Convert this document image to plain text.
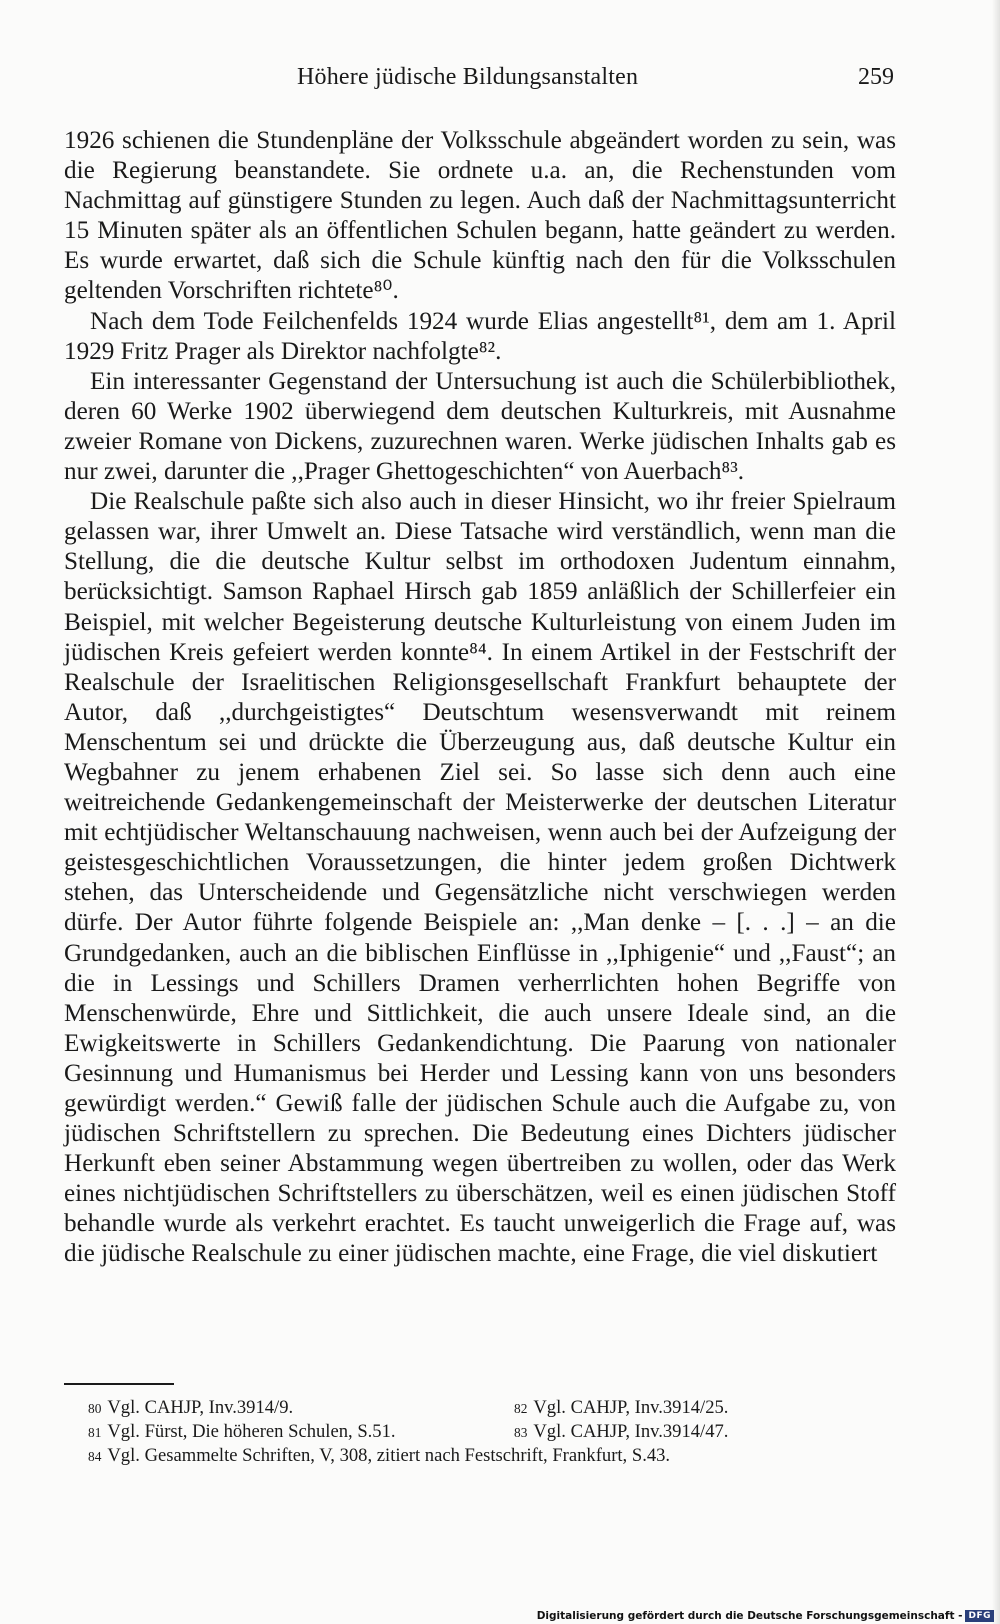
Höhere jüdische Bildungsanstalten	259

1926 schienen die Stundenpläne der Volksschule abgeändert worden zu sein, was die Regierung beanstandete. Sie ordnete u.a. an, die Rechenstunden vom Nachmittag auf günstigere Stunden zu legen. Auch daß der Nachmittagsunterricht 15 Minuten später als an öffentlichen Schulen begann, hatte geändert zu werden. Es wurde erwartet, daß sich die Schule künftig nach den für die Volksschulen geltenden Vorschriften richtete⁸⁰.

Nach dem Tode Feilchenfelds 1924 wurde Elias angestellt⁸¹, dem am 1. April 1929 Fritz Prager als Direktor nachfolgte⁸².

Ein interessanter Gegenstand der Untersuchung ist auch die Schülerbibliothek, deren 60 Werke 1902 überwiegend dem deutschen Kulturkreis, mit Ausnahme zweier Romane von Dickens, zuzurechnen waren. Werke jüdischen Inhalts gab es nur zwei, darunter die ,,Prager Ghettogeschichten“ von Auerbach⁸³.

Die Realschule paßte sich also auch in dieser Hinsicht, wo ihr freier Spielraum gelassen war, ihrer Umwelt an. Diese Tatsache wird verständlich, wenn man die Stellung, die die deutsche Kultur selbst im orthodoxen Judentum einnahm, berücksichtigt. Samson Raphael Hirsch gab 1859 anläßlich der Schillerfeier ein Beispiel, mit welcher Begeisterung deutsche Kulturleistung von einem Juden im jüdischen Kreis gefeiert werden konnte⁸⁴. In einem Artikel in der Festschrift der Realschule der Israelitischen Religionsgesellschaft Frankfurt behauptete der Autor, daß ,,durchgeistigtes“ Deutschtum wesensverwandt mit reinem Menschentum sei und drückte die Überzeugung aus, daß deutsche Kultur ein Wegbahner zu jenem erhabenen Ziel sei. So lasse sich denn auch eine weitreichende Gedankengemeinschaft der Meisterwerke der deutschen Literatur mit echtjüdischer Weltanschauung nachweisen, wenn auch bei der Aufzeigung der geistesgeschichtlichen Voraussetzungen, die hinter jedem großen Dichtwerk stehen, das Unterscheidende und Gegensätzliche nicht verschwiegen werden dürfe. Der Autor führte folgende Beispiele an: ,,Man denke – [. . .] – an die Grundgedanken, auch an die biblischen Einflüsse in ,,Iphigenie“ und ,,Faust“; an die in Lessings und Schillers Dramen verherrlichten hohen Begriffe von Menschenwürde, Ehre und Sittlichkeit, die auch unsere Ideale sind, an die Ewigkeitswerte in Schillers Gedankendichtung. Die Paarung von nationaler Gesinnung und Humanismus bei Herder und Lessing kann von uns besonders gewürdigt werden.“ Gewiß falle der jüdischen Schule auch die Aufgabe zu, von jüdischen Schriftstellern zu sprechen. Die Bedeutung eines Dichters jüdischer Herkunft eben seiner Abstammung wegen übertreiben zu wollen, oder das Werk eines nichtjüdischen Schriftstellers zu überschätzen, weil es einen jüdischen Stoff behandle wurde als verkehrt erachtet. Es taucht unweigerlich die Frage auf, was die jüdische Realschule zu einer jüdischen machte, eine Frage, die viel diskutiert

80 Vgl. CAHJP, Inv.3914/9.	82 Vgl. CAHJP, Inv.3914/25.
81 Vgl. Fürst, Die höheren Schulen, S.51.	83 Vgl. CAHJP, Inv.3914/47.
84 Vgl. Gesammelte Schriften, V, 308, zitiert nach Festschrift, Frankfurt, S.43.
Digitalisierung gefördert durch die Deutsche Forschungsgemeinschaft - DFG
